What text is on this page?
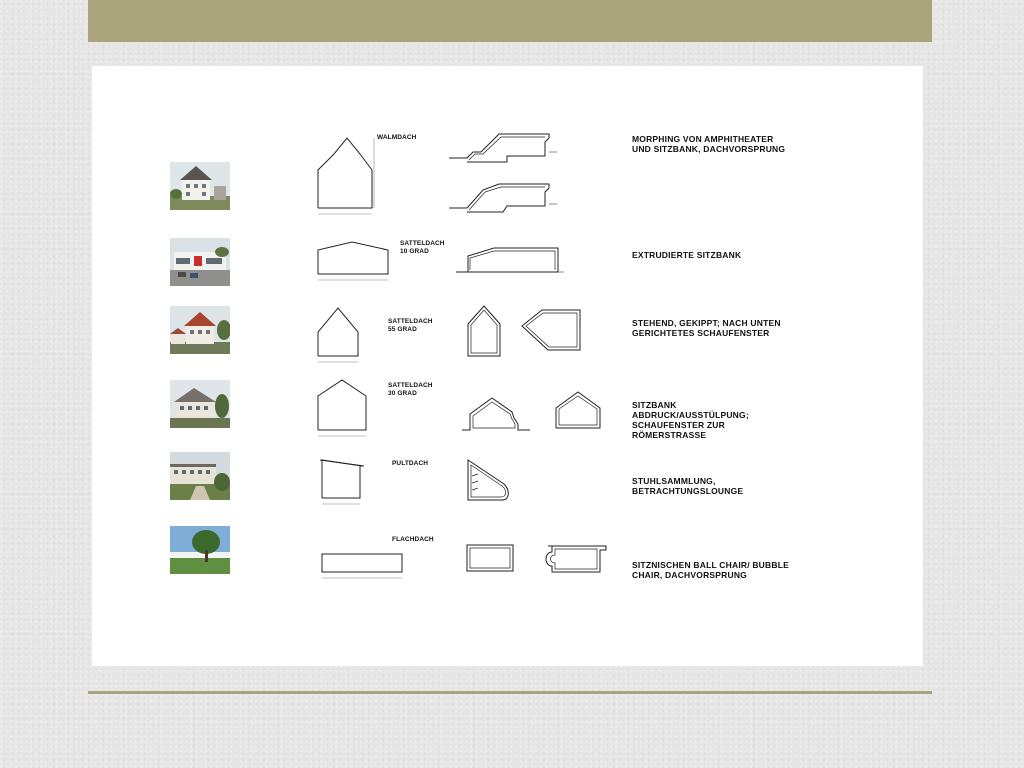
WALMDACH	MORPHING VON AMPHITHEATER
UND SITZBANK, DACHVORSPRUNG
SATTELDACH
10 GRAD	EXTRUDIERTE SITZBANK
SATTELDACH
55 GRAD
STEHEND, GEKIPPT; NACH UNTEN
GERICHTETES SCHAUFENSTER
SATTELDACH
30 GRAD
SITZBANK
ABDRUCK/AUSSTÜLPUNG;
SCHAUFENSTER ZUR
RÖMERSTRASSE
PULTDACH
STUHLSAMMLUNG,
BETRACHTUNGSLOUNGE
FLACHDACH
SITZNISCHEN BALL CHAIR/ BUBBLE
CHAIR, DACHVORSPRUNG
